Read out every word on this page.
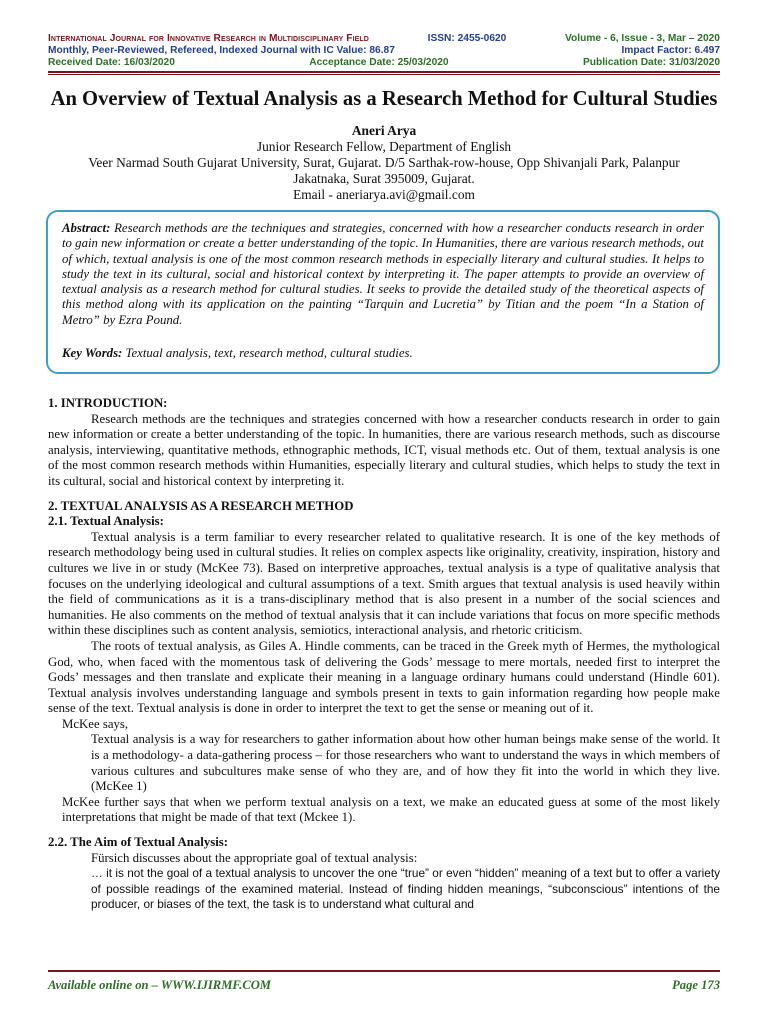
International Journal for Innovative Research in Multidisciplinary Field	ISSN: 2455-0620	Volume - 6, Issue - 3, Mar – 2020
Monthly, Peer-Reviewed, Refereed, Indexed Journal with IC Value: 86.87	Impact Factor: 6.497
Received Date: 16/03/2020	Acceptance Date: 25/03/2020	Publication Date: 31/03/2020
An Overview of Textual Analysis as a Research Method for Cultural Studies
Aneri Arya
Junior Research Fellow, Department of English
Veer Narmad South Gujarat University, Surat, Gujarat. D/5 Sarthak-row-house, Opp Shivanjali Park, Palanpur
Jakatnaka, Surat 395009, Gujarat.
Email - aneriarya.avi@gmail.com

Abstract: Research methods are the techniques and strategies, concerned with how a researcher conducts research in order to gain new information or create a better understanding of the topic. In Humanities, there are various research methods, out of which, textual analysis is one of the most common research methods in especially literary and cultural studies. It helps to study the text in its cultural, social and historical context by interpreting it. The paper attempts to provide an overview of textual analysis as a research method for cultural studies. It seeks to provide the detailed study of the theoretical aspects of this method along with its application on the painting “Tarquin and Lucretia” by Titian and the poem “In a Station of Metro” by Ezra Pound.

Key Words: Textual analysis, text, research method, cultural studies.

1. INTRODUCTION:

Research methods are the techniques and strategies concerned with how a researcher conducts research in order to gain new information or create a better understanding of the topic. In humanities, there are various research methods, such as discourse analysis, interviewing, quantitative methods, ethnographic methods, ICT, visual methods etc. Out of them, textual analysis is one of the most common research methods within Humanities, especially literary and cultural studies, which helps to study the text in its cultural, social and historical context by interpreting it.

2. TEXTUAL ANALYSIS AS A RESEARCH METHOD

2.1. Textual Analysis:

Textual analysis is a term familiar to every researcher related to qualitative research. It is one of the key methods of research methodology being used in cultural studies. It relies on complex aspects like originality, creativity, inspiration, history and cultures we live in or study (McKee 73). Based on interpretive approaches, textual analysis is a type of qualitative analysis that focuses on the underlying ideological and cultural assumptions of a text. Smith argues that textual analysis is used heavily within the field of communications as it is a trans-disciplinary method that is also present in a number of the social sciences and humanities. He also comments on the method of textual analysis that it can include variations that focus on more specific methods within these disciplines such as content analysis, semiotics, interactional analysis, and rhetoric criticism.

The roots of textual analysis, as Giles A. Hindle comments, can be traced in the Greek myth of Hermes, the mythological God, who, when faced with the momentous task of delivering the Gods’ message to mere mortals, needed first to interpret the Gods’ messages and then translate and explicate their meaning in a language ordinary humans could understand (Hindle 601). Textual analysis involves understanding language and symbols present in texts to gain information regarding how people make sense of the text. Textual analysis is done in order to interpret the text to get the sense or meaning out of it.

McKee says,

Textual analysis is a way for researchers to gather information about how other human beings make sense of the world. It is a methodology- a data-gathering process – for those researchers who want to understand the ways in which members of various cultures and subcultures make sense of who they are, and of how they fit into the world in which they live. (McKee 1)

McKee further says that when we perform textual analysis on a text, we make an educated guess at some of the most likely interpretations that might be made of that text (Mckee 1).

2.2. The Aim of Textual Analysis:

Fürsich discusses about the appropriate goal of textual analysis:

… it is not the goal of a textual analysis to uncover the one “true” or even “hidden” meaning of a text but to offer a variety of possible readings of the examined material. Instead of finding hidden meanings, “subconscious” intentions of the producer, or biases of the text, the task is to understand what cultural and

Available online on – WWW.IJIRMF.COM	Page 173
